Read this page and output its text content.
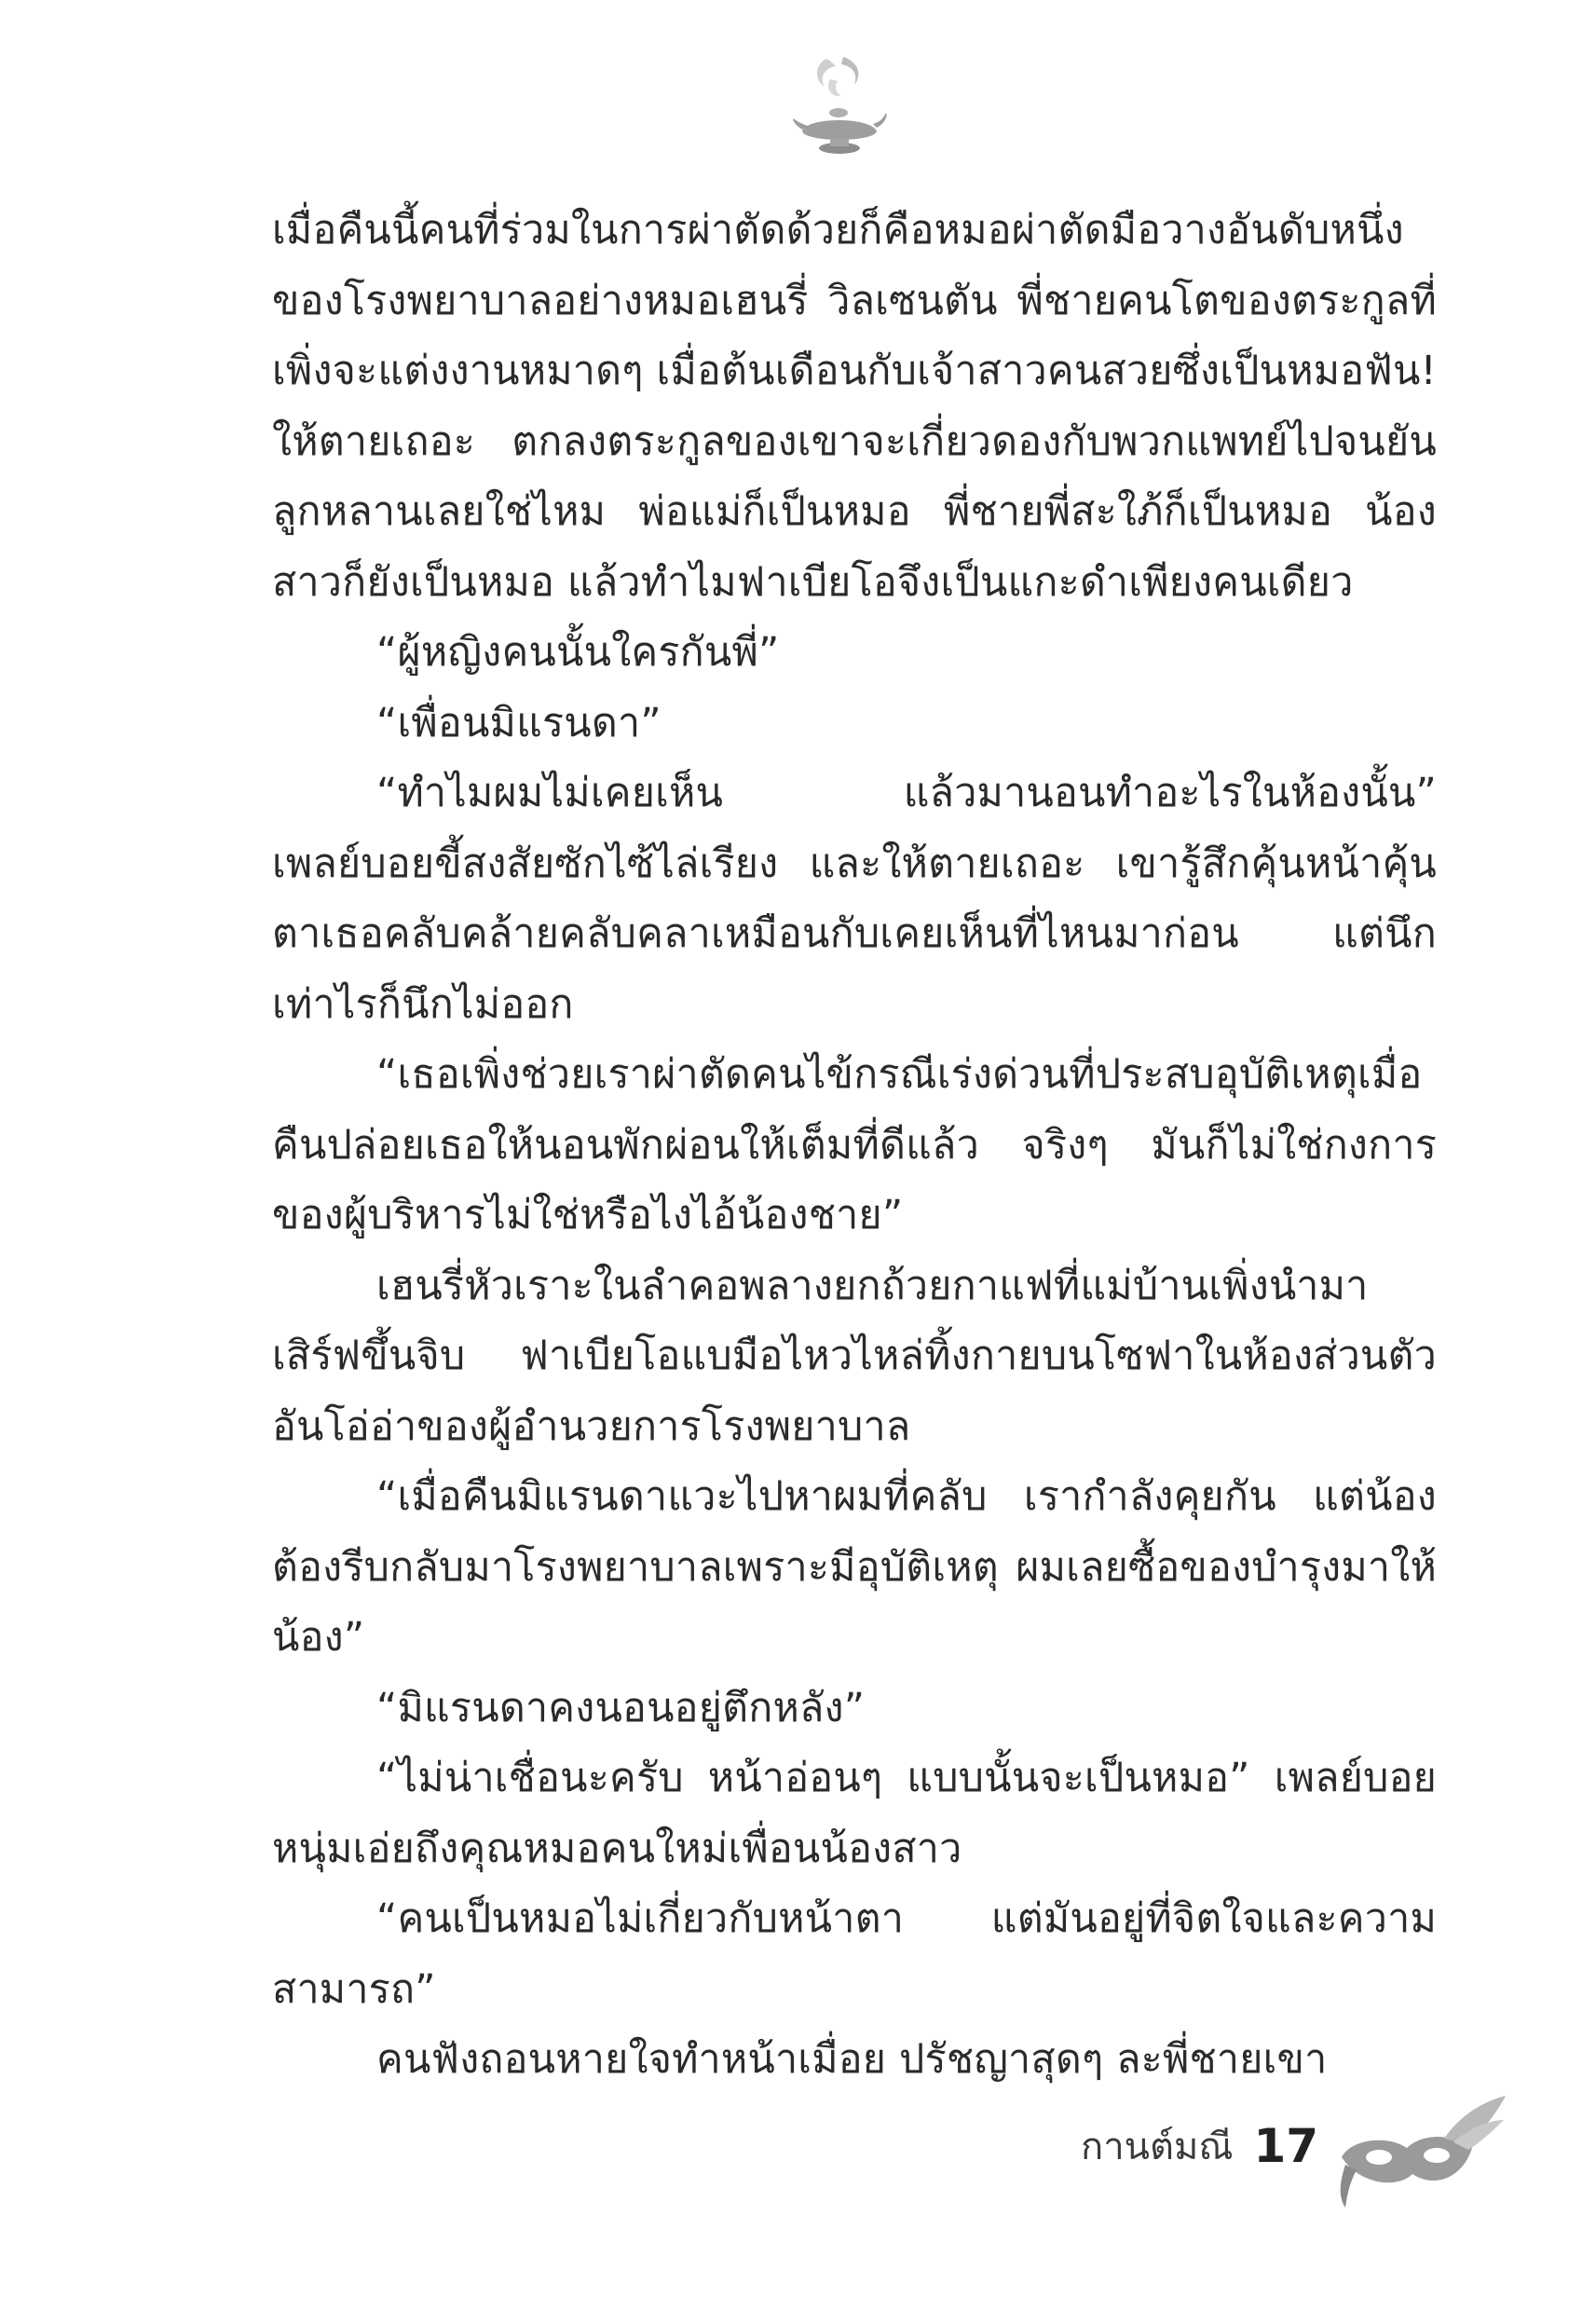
เมื่อคืนนี้คนที่ร่วมในการผ่าตัดด้วยก็คือหมอผ่าตัดมือวางอันดับหนึ่งของโรงพยาบาลอย่างหมอเฮนรี่ วิลเซนตัน พี่ชายคนโตของตระกูลที่เพิ่งจะแต่งงานหมาดๆ เมื่อต้นเดือนกับเจ้าสาวคนสวยซึ่งเป็นหมอฟัน! ให้ตายเถอะ ตกลงตระกูลของเขาจะเกี่ยวดองกับพวกแพทย์ไปจนยันลูกหลานเลยใช่ไหม พ่อแม่ก็เป็นหมอ พี่ชายพี่สะใภ้ก็เป็นหมอ น้องสาวก็ยังเป็นหมอ แล้วทำไมฟาเบียโอจึงเป็นแกะดำเพียงคนเดียว

“ผู้หญิงคนนั้นใครกันพี่”

“เพื่อนมิแรนดา”

“ทำไมผมไม่เคยเห็น แล้วมานอนทำอะไรในห้องนั้น” เพลย์บอยขี้สงสัยซักไซ้ไล่เรียง และให้ตายเถอะ เขารู้สึกคุ้นหน้าคุ้นตาเธอคลับคล้ายคลับคลาเหมือนกับเคยเห็นที่ไหนมาก่อน แต่นึกเท่าไรก็นึกไม่ออก

“เธอเพิ่งช่วยเราผ่าตัดคนไข้กรณีเร่งด่วนที่ประสบอุบัติเหตุเมื่อคืนปล่อยเธอให้นอนพักผ่อนให้เต็มที่ดีแล้ว จริงๆ มันก็ไม่ใช่กงการของผู้บริหารไม่ใช่หรือไงไอ้น้องชาย”

เฮนรี่หัวเราะในลำคอพลางยกถ้วยกาแฟที่แม่บ้านเพิ่งนำมาเสิร์ฟขึ้นจิบ ฟาเบียโอแบมือไหวไหล่ทิ้งกายบนโซฟาในห้องส่วนตัวอันโอ่อ่าของผู้อำนวยการโรงพยาบาล

“เมื่อคืนมิแรนดาแวะไปหาผมที่คลับ เรากำลังคุยกัน แต่น้องต้องรีบกลับมาโรงพยาบาลเพราะมีอุบัติเหตุ ผมเลยซื้อของบำรุงมาให้น้อง”

“มิแรนดาคงนอนอยู่ตึกหลัง”

“ไม่น่าเชื่อนะครับ หน้าอ่อนๆ แบบนั้นจะเป็นหมอ” เพลย์บอยหนุ่มเอ่ยถึงคุณหมอคนใหม่เพื่อนน้องสาว

“คนเป็นหมอไม่เกี่ยวกับหน้าตา แต่มันอยู่ที่จิตใจและความสามารถ”

คนฟังถอนหายใจทำหน้าเมื่อย ปรัชญาสุดๆ ละพี่ชายเขา

กานต์มณี 17
